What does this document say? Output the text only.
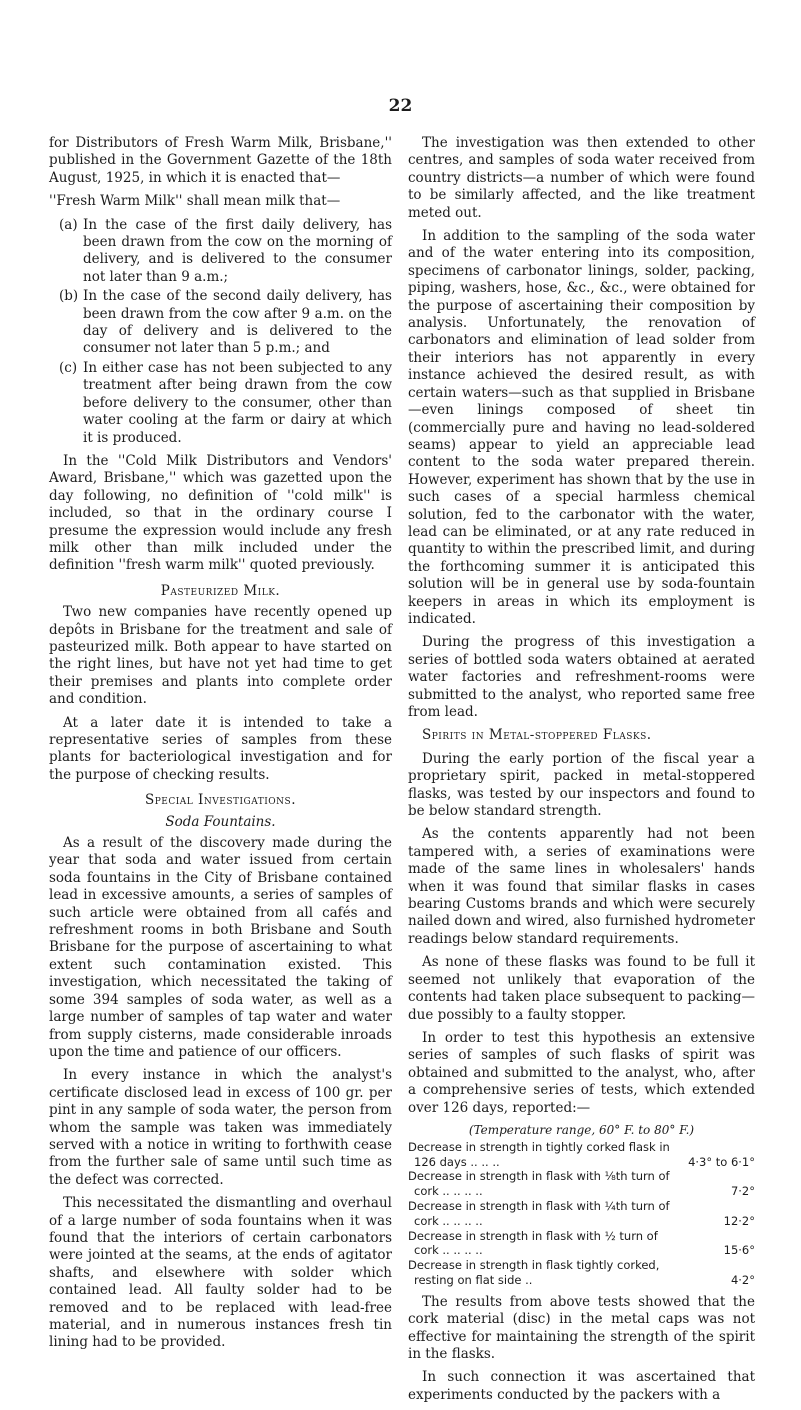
22

for Distributors of Fresh Warm Milk, Brisbane,'' published in the Government Gazette of the 18th August, 1925, in which it is enacted that—

''Fresh Warm Milk'' shall mean milk that—

(a) In the case of the first daily delivery, has been drawn from the cow on the morning of delivery, and is delivered to the consumer not later than 9 a.m.;
(b) In the case of the second daily delivery, has been drawn from the cow after 9 a.m. on the day of delivery and is delivered to the consumer not later than 5 p.m.; and
(c) In either case has not been subjected to any treatment after being drawn from the cow before delivery to the consumer, other than water cooling at the farm or dairy at which it is produced.

In the ''Cold Milk Distributors and Vendors' Award, Brisbane,'' which was gazetted upon the day following, no definition of ''cold milk'' is included, so that in the ordinary course I presume the expression would include any fresh milk other than milk included under the definition ''fresh warm milk'' quoted previously.

Pasteurized Milk.

Two new companies have recently opened up depôts in Brisbane for the treatment and sale of pasteurized milk. Both appear to have started on the right lines, but have not yet had time to get their premises and plants into complete order and condition.

At a later date it is intended to take a representative series of samples from these plants for bacteriological investigation and for the purpose of checking results.

Special Investigations.
Soda Fountains.

As a result of the discovery made during the year that soda and water issued from certain soda fountains in the City of Brisbane contained lead in excessive amounts, a series of samples of such article were obtained from all cafés and refreshment rooms in both Brisbane and South Brisbane for the purpose of ascertaining to what extent such contamination existed. This investigation, which necessitated the taking of some 394 samples of soda water, as well as a large number of samples of tap water and water from supply cisterns, made considerable inroads upon the time and patience of our officers.

In every instance in which the analyst's certificate disclosed lead in excess of 100 gr. per pint in any sample of soda water, the person from whom the sample was taken was immediately served with a notice in writing to forthwith cease from the further sale of same until such time as the defect was corrected.

This necessitated the dismantling and overhaul of a large number of soda fountains when it was found that the interiors of certain carbonators were jointed at the seams, at the ends of agitator shafts, and elsewhere with solder which contained lead. All faulty solder had to be removed and to be replaced with lead-free material, and in numerous instances fresh tin lining had to be provided.

The investigation was then extended to other centres, and samples of soda water received from country districts—a number of which were found to be similarly affected, and the like treatment meted out.

In addition to the sampling of the soda water and of the water entering into its composition, specimens of carbonator linings, solder, packing, piping, washers, hose, &c., &c., were obtained for the purpose of ascertaining their composition by analysis. Unfortunately, the renovation of carbonators and elimination of lead solder from their interiors has not apparently in every instance achieved the desired result, as with certain waters—such as that supplied in Brisbane —even linings composed of sheet tin (commercially pure and having no lead-soldered seams) appear to yield an appreciable lead content to the soda water prepared therein. However, experiment has shown that by the use in such cases of a special harmless chemical solution, fed to the carbonator with the water, lead can be eliminated, or at any rate reduced in quantity to within the prescribed limit, and during the forthcoming summer it is anticipated this solution will be in general use by soda-fountain keepers in areas in which its employment is indicated.

During the progress of this investigation a series of bottled soda waters obtained at aerated water factories and refreshment-rooms were submitted to the analyst, who reported same free from lead.

Spirits in Metal-stoppered Flasks.

During the early portion of the fiscal year a proprietary spirit, packed in metal-stoppered flasks, was tested by our inspectors and found to be below standard strength.

As the contents apparently had not been tampered with, a series of examinations were made of the same lines in wholesalers' hands when it was found that similar flasks in cases bearing Customs brands and which were securely nailed down and wired, also furnished hydrometer readings below standard requirements.

As none of these flasks was found to be full it seemed not unlikely that evaporation of the contents had taken place subsequent to packing—due possibly to a faulty stopper.

In order to test this hypothesis an extensive series of samples of such flasks of spirit was obtained and submitted to the analyst, who, after a comprehensive series of tests, which extended over 126 days, reported:—

(Temperature range, 60° F. to 80° F.)
Decrease in strength in tightly corked flask in 126 days .. .. ..	4·3° to 6·1°
Decrease in strength in flask with ⅛th turn of cork .. .. .. ..	7·2°
Decrease in strength in flask with ¼th turn of cork .. .. .. ..	12·2°
Decrease in strength in flask with ½ turn of cork .. .. .. ..	15·6°
Decrease in strength in flask tightly corked, resting on flat side ..	4·2°

The results from above tests showed that the cork material (disc) in the metal caps was not effective for maintaining the strength of the spirit in the flasks.

In such connection it was ascertained that experiments conducted by the packers with a
